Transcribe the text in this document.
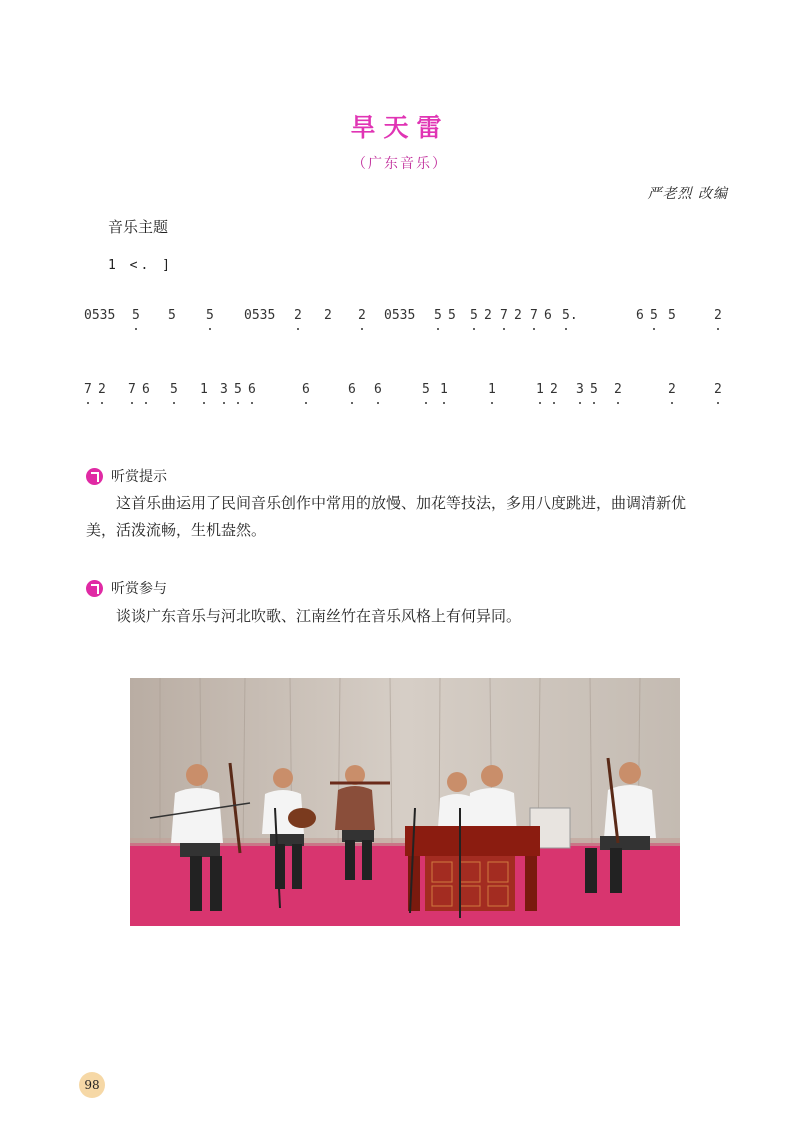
旱天雷
（广东音乐）
严老烈 改编
音乐主题
1 <. ]
0535 5 5 5 0535 2 2 2 0535 5 5 5 2 7 2 7 6 5.	6 5 5	2
7 2 7 6 5 1 3 5 6	6	6 6	5 1	1	1 2 3 5 2	2	2
听赏提示
这首乐曲运用了民间音乐创作中常用的放慢、加花等技法，多用八度跳进，曲调清新优
美，活泼流畅，生机盎然。
听赏参与
谈谈广东音乐与河北吹歌、江南丝竹在音乐风格上有何异同。
98
